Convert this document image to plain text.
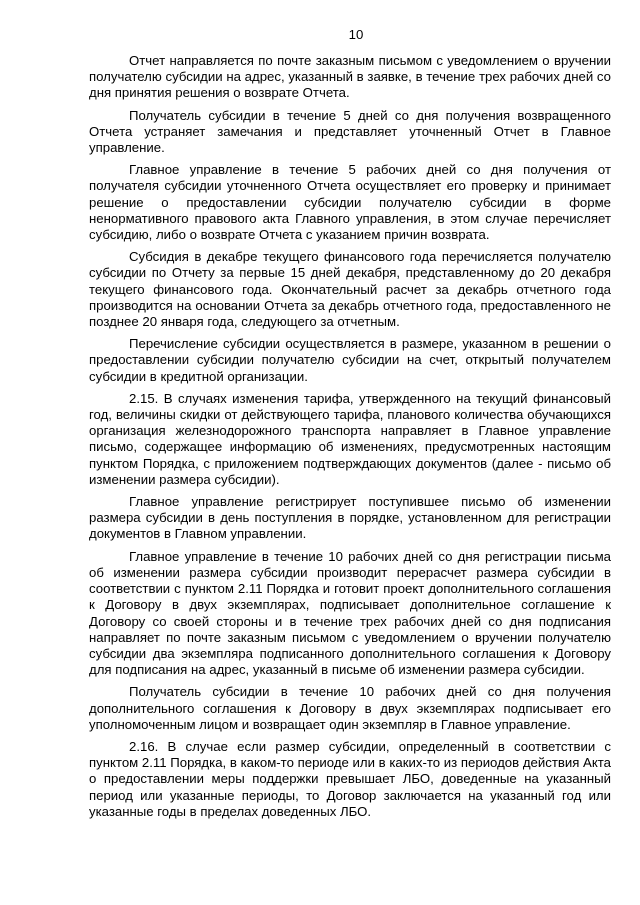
10

Отчет направляется по почте заказным письмом с уведомлением о вручении получателю субсидии на адрес, указанный в заявке, в течение трех рабочих дней со дня принятия решения о возврате Отчета.

Получатель субсидии в течение 5 дней со дня получения возвращенного Отчета устраняет замечания и представляет уточненный Отчет в Главное управление.

Главное управление в течение 5 рабочих дней со дня получения от получателя субсидии уточненного Отчета осуществляет его проверку и принимает решение о предоставлении субсидии получателю субсидии в форме ненормативного правового акта Главного управления, в этом случае перечисляет субсидию, либо о возврате Отчета с указанием причин возврата.

Субсидия в декабре текущего финансового года перечисляется получателю субсидии по Отчету за первые 15 дней декабря, представленному до 20 декабря текущего финансового года. Окончательный расчет за декабрь отчетного года производится на основании Отчета за декабрь отчетного года, предоставленного не позднее 20 января года, следующего за отчетным.

Перечисление субсидии осуществляется в размере, указанном в решении о предоставлении субсидии получателю субсидии на счет, открытый получателем субсидии в кредитной организации.

2.15. В случаях изменения тарифа, утвержденного на текущий финансовый год, величины скидки от действующего тарифа, планового количества обучающихся организация железнодорожного транспорта направляет в Главное управление письмо, содержащее информацию об изменениях, предусмотренных настоящим пунктом Порядка, с приложением подтверждающих документов (далее - письмо об изменении размера субсидии).

Главное управление регистрирует поступившее письмо об изменении размера субсидии в день поступления в порядке, установленном для регистрации документов в Главном управлении.

Главное управление в течение 10 рабочих дней со дня регистрации письма об изменении размера субсидии производит перерасчет размера субсидии в соответствии с пунктом 2.11 Порядка и готовит проект дополнительного соглашения к Договору в двух экземплярах, подписывает дополнительное соглашение к Договору со своей стороны и в течение трех рабочих дней со дня подписания направляет по почте заказным письмом с уведомлением о вручении получателю субсидии два экземпляра подписанного дополнительного соглашения к Договору для подписания на адрес, указанный в письме об изменении размера субсидии.

Получатель субсидии в течение 10 рабочих дней со дня получения дополнительного соглашения к Договору в двух экземплярах подписывает его уполномоченным лицом и возвращает один экземпляр в Главное управление.

2.16. В случае если размер субсидии, определенный в соответствии с пунктом 2.11 Порядка, в каком-то периоде или в каких-то из периодов действия Акта о предоставлении меры поддержки превышает ЛБО, доведенные на указанный период или указанные периоды, то Договор заключается на указанный год или указанные годы в пределах доведенных ЛБО.
